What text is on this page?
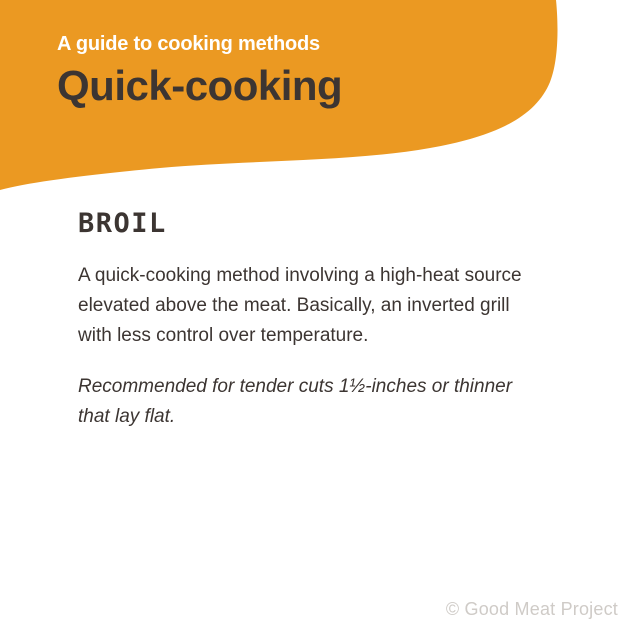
A guide to cooking methods

Quick-cooking
BROIL

A quick-cooking method involving a high-heat source elevated above the meat. Basically, an inverted grill with less control over temperature.

Recommended for tender cuts 1½-inches or thinner that lay flat.

© Good Meat Project
